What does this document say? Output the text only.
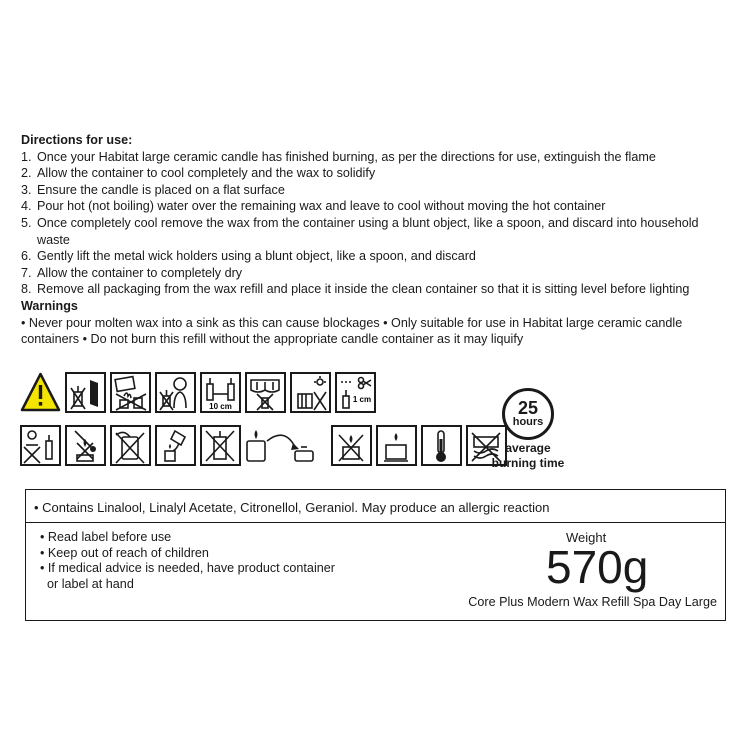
Directions for use:
1. Once your Habitat large ceramic candle has finished burning, as per the directions for use, extinguish the flame
2. Allow the container to cool completely and the wax to solidify
3. Ensure the candle is placed on a flat surface
4. Pour hot (not boiling) water over the remaining wax and leave to cool without moving the hot container
5. Once completely cool remove the wax from the container using a blunt object, like a spoon, and discard into household waste
6. Gently lift the metal wick holders using a blunt object, like a spoon, and discard
7. Allow the container to completely dry
8. Remove all packaging from the wax refill and place it inside the clean container so that it is sitting level before lighting
Warnings
• Never pour molten wax into a sink as this can cause blockages • Only suitable for use in Habitat large ceramic candle containers • Do not burn this refill without the appropriate candle container as it may liquify
10 cm
1 cm	25
hours
average
burning time
• Contains Linalool, Linalyl Acetate, Citronellol, Geraniol. May produce an allergic reaction
• Read label before use
• Keep out of reach of children
• If medical advice is needed, have product container
or label at hand
Weight
570g
Core Plus Modern Wax Refill Spa Day Large
